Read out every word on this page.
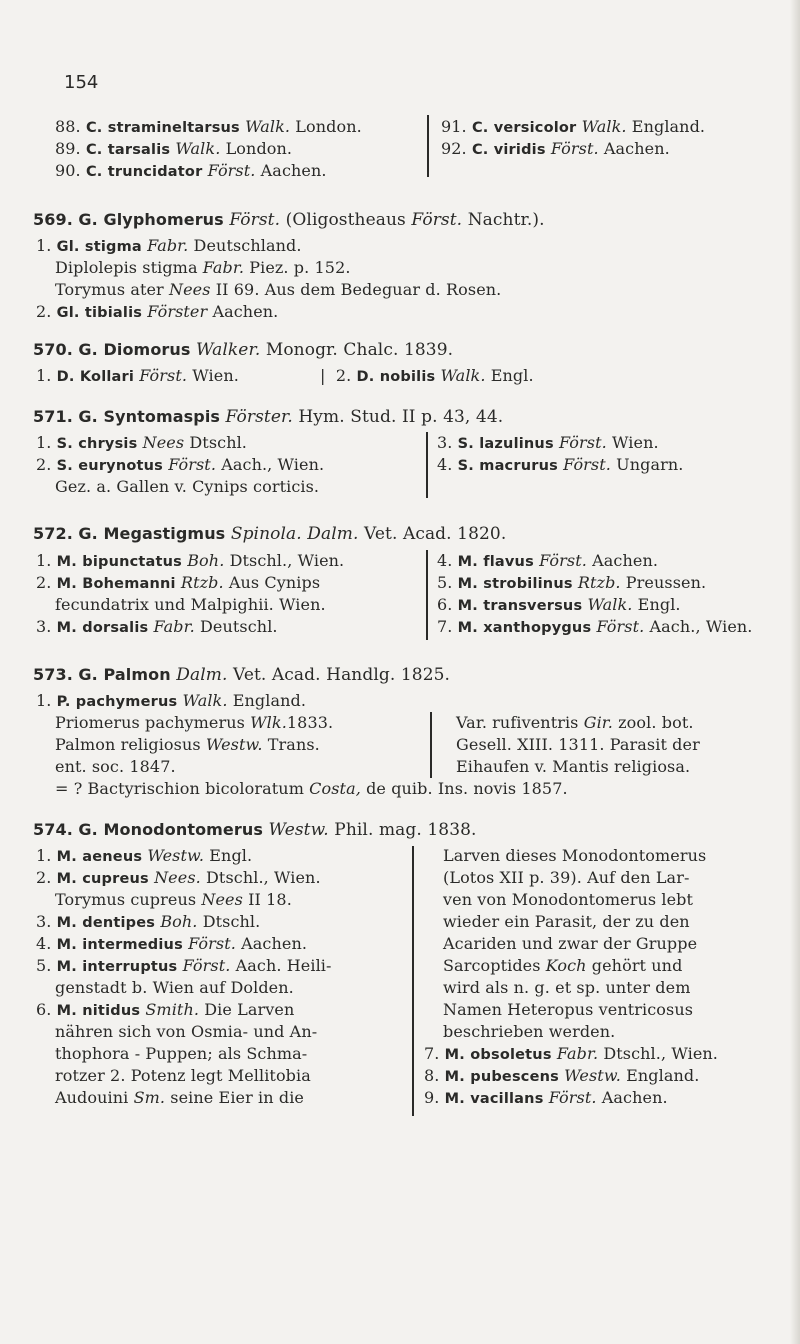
154
88. C. stramineltarsus Walk. London.
89. C. tarsalis Walk. London.
90. C. truncidator Först. Aachen.
91. C. versicolor Walk. England.
92. C. viridis Först. Aachen.
569. G. Glyphomerus Först. (Oligostheaus Först. Nachtr.).
1. Gl. stigma Fabr. Deutschland.
Diplolepis stigma Fabr. Piez. p. 152.
Torymus ater Nees II 69. Aus dem Bedeguar d. Rosen.
2. Gl. tibialis Förster Aachen.
570. G. Diomorus Walker. Monogr. Chalc. 1839.
1. D. Kollari Först. Wien.	|  2. D. nobilis Walk. Engl.
571. G. Syntomaspis Förster. Hym. Stud. II p. 43, 44.
1. S. chrysis Nees Dtschl.
2. S. eurynotus Först. Aach., Wien.
Gez. a. Gallen v. Cynips corticis.
3. S. lazulinus Först. Wien.
4. S. macrurus Först. Ungarn.
572. G. Megastigmus Spinola. Dalm. Vet. Acad. 1820.
1. M. bipunctatus Boh. Dtschl., Wien.
2. M. Bohemanni Rtzb. Aus Cynips
fecundatrix und Malpighii. Wien.
3. M. dorsalis Fabr. Deutschl.
4. M. flavus Först. Aachen.
5. M. strobilinus Rtzb. Preussen.
6. M. transversus Walk. Engl.
7. M. xanthopygus Först. Aach., Wien.
573. G. Palmon Dalm. Vet. Acad. Handlg. 1825.
1. P. pachymerus Walk. England.
Priomerus pachymerus Wlk.1833.
Palmon religiosus Westw. Trans.
ent. soc. 1847.
Var. rufiventris Gir. zool. bot.
Gesell. XIII. 1311. Parasit der
Eihaufen v. Mantis religiosa.
= ? Bactyrischion bicoloratum Costa, de quib. Ins. novis 1857.
574. G. Monodontomerus Westw. Phil. mag. 1838.
1. M. aeneus Westw. Engl.
2. M. cupreus Nees. Dtschl., Wien.
Torymus cupreus Nees II 18.
3. M. dentipes Boh. Dtschl.
4. M. intermedius Först. Aachen.
5. M. interruptus Först. Aach. Heili-
genstadt b. Wien auf Dolden.
6. M. nitidus Smith. Die Larven
nähren sich von Osmia- und An-
thophora - Puppen; als Schma-
rotzer 2. Potenz legt Mellitobia
Audouini Sm. seine Eier in die
Larven dieses Monodontomerus
(Lotos XII p. 39). Auf den Lar-
ven von Monodontomerus lebt
wieder ein Parasit, der zu den
Acariden und zwar der Gruppe
Sarcoptides Koch gehört und
wird als n. g. et sp. unter dem
Namen Heteropus ventricosus
beschrieben werden.
7. M. obsoletus Fabr. Dtschl., Wien.
8. M. pubescens Westw. England.
9. M. vacillans Först. Aachen.
